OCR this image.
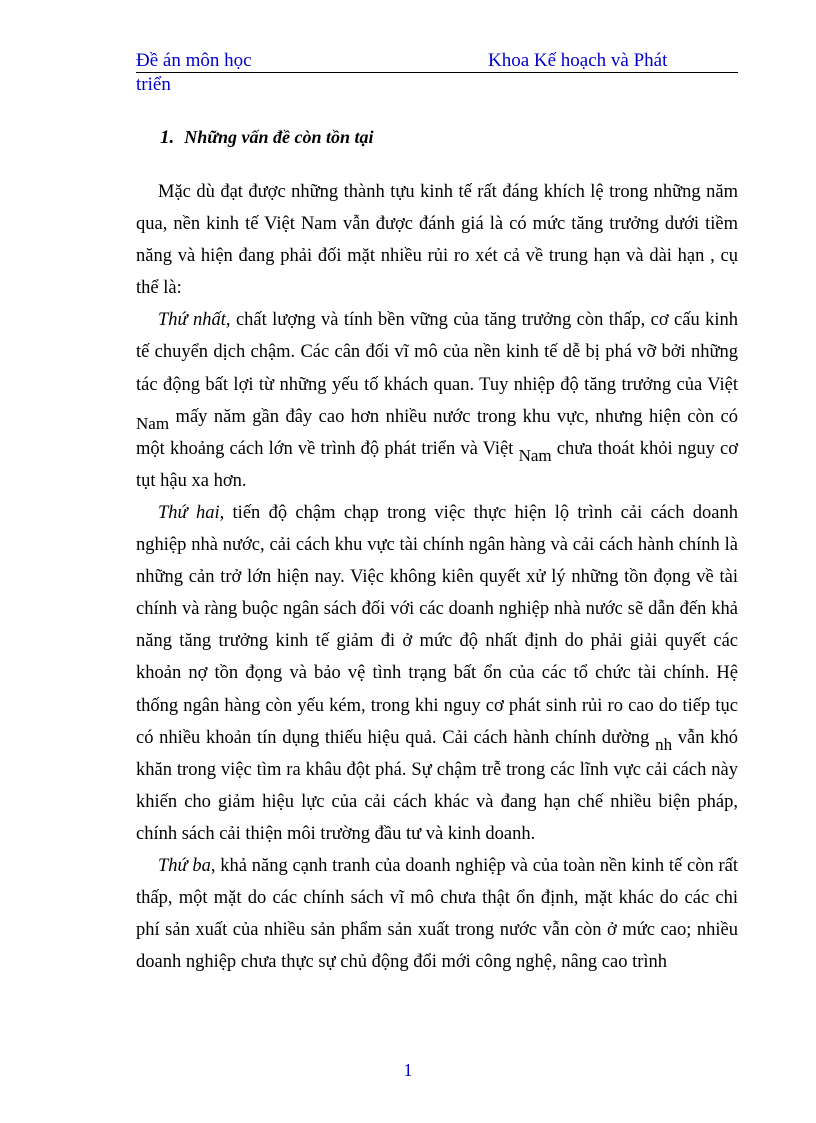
Đề án môn học	Khoa Kế hoạch và Phát
triển
1. Những vấn đề còn tồn tại

Mặc dù đạt được những thành tựu kinh tế rất đáng khích lệ trong những năm qua, nền kinh tế Việt Nam vẫn được đánh giá là có mức tăng trưởng dưới tiềm năng và hiện đang phải đối mặt nhiều rủi ro xét cả về trung hạn và dài hạn , cụ thể là:

Thứ nhất, chất lượng và tính bền vững của tăng trưởng còn thấp, cơ cấu kinh tế chuyển dịch chậm. Các cân đối vĩ mô của nền kinh tế dễ bị phá vỡ bởi những tác động bất lợi từ những yếu tố khách quan. Tuy nhiệp độ tăng trưởng của Việt Nam mấy năm gần đây cao hơn nhiều nước trong khu vực, nhưng hiện còn có một khoảng cách lớn về trình độ phát triển và Việt Nam chưa thoát khỏi nguy cơ tụt hậu xa hơn.

Thứ hai, tiến độ chậm chạp trong việc thực hiện lộ trình cải cách doanh nghiệp nhà nước, cải cách khu vực tài chính ngân hàng và cải cách hành chính là những cản trở lớn hiện nay. Việc không kiên quyết xử lý những tồn đọng về tài chính và ràng buộc ngân sách đối với các doanh nghiệp nhà nước sẽ dẫn đến khả năng tăng trưởng kinh tế giảm đi ở mức độ nhất định do phải giải quyết các khoản nợ tồn đọng và bảo vệ tình trạng bất ổn của các tổ chức tài chính. Hệ thống ngân hàng còn yếu kém, trong khi nguy cơ phát sinh rủi ro cao do tiếp tục có nhiều khoản tín dụng thiếu hiệu quả. Cải cách hành chính dường nh vẫn khó khăn trong việc tìm ra khâu đột phá. Sự chậm trễ trong các lĩnh vực cải cách này khiến cho giảm hiệu lực của cải cách khác và đang hạn chế nhiều biện pháp, chính sách cải thiện môi trường đầu tư và kinh doanh.

Thứ ba, khả năng cạnh tranh của doanh nghiệp và của toàn nền kinh tế còn rất thấp, một mặt do các chính sách vĩ mô chưa thật ổn định, mặt khác do các chi phí sản xuất của nhiều sản phẩm sản xuất trong nước vẫn còn ở mức cao; nhiều doanh nghiệp chưa thực sự chủ động đổi mới công nghệ, nâng cao trình

1
